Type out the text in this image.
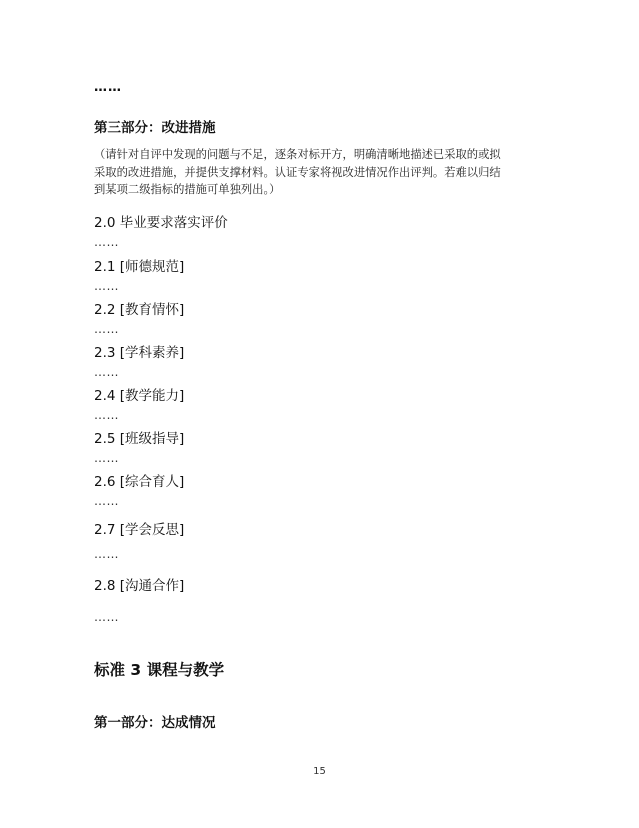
……
第三部分：改进措施

（请针对自评中发现的问题与不足，逐条对标开方，明确清晰地描述已采取的或拟

采取的改进措施，并提供支撑材料。认证专家将视改进情况作出评判。若难以归结

到某项二级指标的措施可单独列出。）

2.0 毕业要求落实评价
……
2.1 [师德规范]
……
2.2 [教育情怀]
……
2.3 [学科素养]
……
2.4 [教学能力]
……
2.5 [班级指导]
……
2.6 [综合育人]
……
2.7 [学会反思]
……
2.8 [沟通合作]
……
标准 3 课程与教学
第一部分：达成情况
15
